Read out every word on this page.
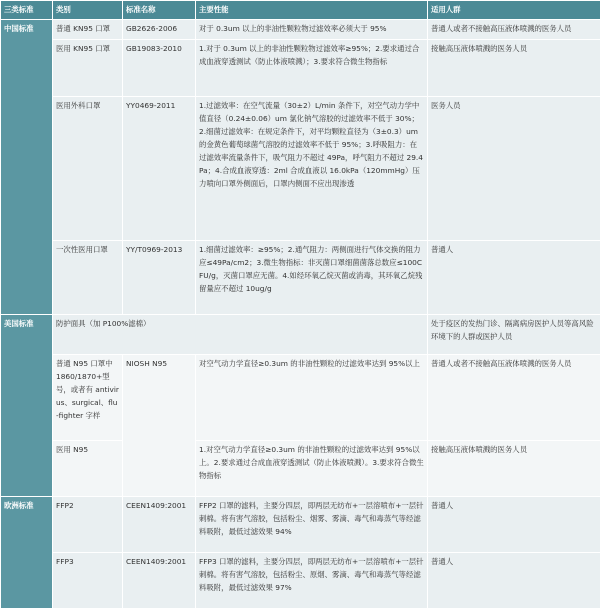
三类标准	类别	标准名称	主要性能	适用人群
中国标准	普通 KN95 口罩	GB2626-2006	对于 0.3um 以上的非油性颗粒物过滤效率必须大于 95%	普通人或者不接触高压液体喷溅的医务人员
	医用 KN95 口罩	GB19083-2010	1.对于 0.3um 以上的非油性颗粒物过滤效率≥95%；2.要求通过合成血液穿透测试（防止体液喷溅）；3.要求符合微生物指标	接触高压液体喷溅的医务人员
	医用外科口罩	YY0469-2011	1.过滤效率：在空气流量（30±2）L/min 条件下，对空气动力学中值直径（0.24±0.06）um 氯化钠气溶胶的过滤效率不低于 30%；2.细菌过滤效率：在规定条件下，对平均颗粒直径为（3±0.3）um 的金黄色葡萄球菌气溶胶的过滤效率不低于 95%；3.呼吸阻力：在过滤效率流量条件下，吸气阻力不超过 49Pa，呼气阻力不超过 29.4Pa；4.合成血液穿透：2ml 合成血液以 16.0kPa（120mmHg）压力喷向口罩外侧面后，口罩内侧面不应出现渗透	医务人员
	一次性医用口罩	YY/T0969-2013	1.细菌过滤效率：≥95%；2.通气阻力：两侧面进行气体交换的阻力应≤49Pa/cm2；3.微生物指标：非灭菌口罩细菌菌落总数应≤100CFU/g，灭菌口罩应无菌。4.如经环氧乙烷灭菌或消毒，其环氧乙烷残留量应不超过 10ug/g	普通人
美国标准	防护面具（加 P100%滤棉）			处于疫区的发热门诊、隔离病房医护人员等高风险环境下的人群或医护人员
	普通 N95 口罩中 1860/1870+型号，或者有 antivirus、surgical、flu-fighter 字样	NIOSH N95	对空气动力学直径≥0.3um 的非油性颗粒的过滤效率达到 95%以上	普通人或者不接触高压液体喷溅的医务人员
	医用 N95		1.对空气动力学直径≥0.3um 的非油性颗粒的过滤效率达到 95%以上。2.要求通过合成血液穿透测试（防止体液喷溅）。3.要求符合微生物指标	接触高压液体喷溅的医务人员
欧洲标准	FFP2	CEEN1409:2001	FFP2 口罩的滤料，主要分四层，即两层无纺布+一层溶喷布+一层针刺棉。将有害气溶胶，包括粉尘、烟雾、雾滴、毒气和毒蒸气等经滤料吸附，最低过滤效果 94%	普通人
	FFP3	CEEN1409:2001	FFP3 口罩的滤料，主要分四层，即两层无纺布+一层溶喷布+一层针刺棉。将有害气溶胶，包括粉尘、原烟、雾滴、毒气和毒蒸气等经滤料吸附，最低过滤效果 97%	普通人
